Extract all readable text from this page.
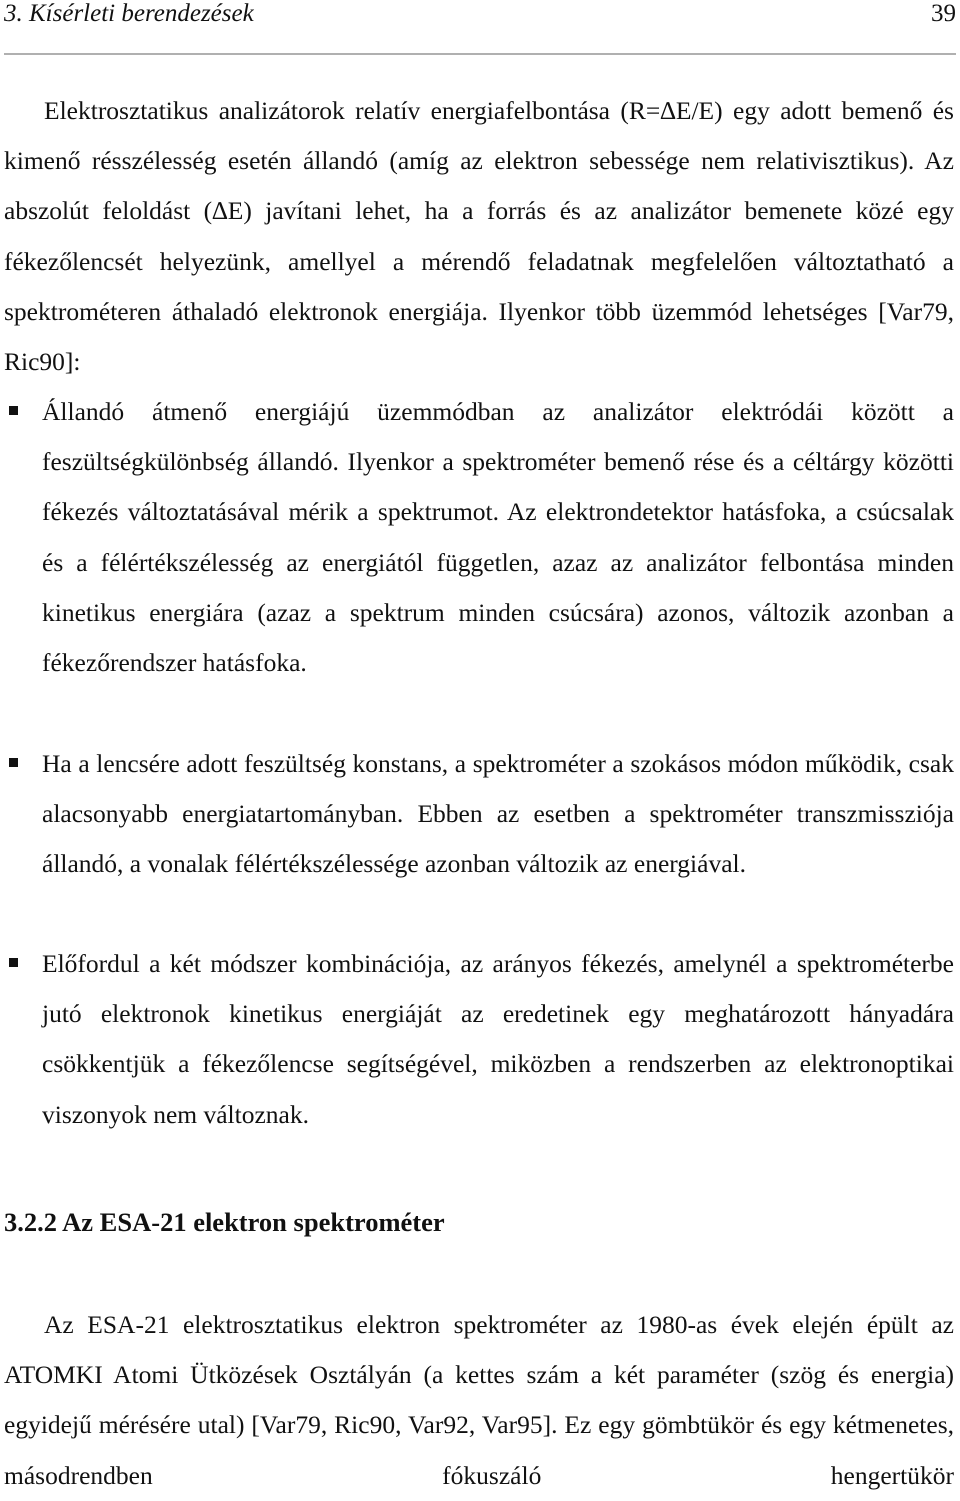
3. Kísérleti berendezések	39
Elektrosztatikus analizátorok relatív energiafelbontása (R=∆E/E) egy adott bemenő és kimenő résszélesség esetén állandó (amíg az elektron sebessége nem relativisztikus). Az abszolút feloldást (∆E) javítani lehet, ha a forrás és az analizátor bemenete közé egy fékezőlencsét helyezünk, amellyel a mérendő feladatnak megfelelően változtatható a spektrométeren áthaladó elektronok energiája. Ilyenkor több üzemmód lehetséges [Var79, Ric90]:
Állandó átmenő energiájú üzemmódban az analizátor elektródái között a feszültségkülönbség állandó. Ilyenkor a spektrométer bemenő rése és a céltárgy közötti fékezés változtatásával mérik a spektrumot. Az elektrondetektor hatásfoka, a csúcsalak és a félértékszélesség az energiától független, azaz az analizátor felbontása minden kinetikus energiára (azaz a spektrum minden csúcsára) azonos, változik azonban a fékezőrendszer hatásfoka.
Ha a lencsére adott feszültség konstans, a spektrométer a szokásos módon működik, csak alacsonyabb energiatartományban. Ebben az esetben a spektrométer transzmissziója állandó, a vonalak félértékszélessége azonban változik az energiával.
Előfordul a két módszer kombinációja, az arányos fékezés, amelynél a spektrométerbe jutó elektronok kinetikus energiáját az eredetinek egy meghatározott hányadára csökkentjük a fékezőlencse segítségével, miközben a rendszerben az elektronoptikai viszonyok nem változnak.
3.2.2 Az ESA-21 elektron spektrométer
Az ESA-21 elektrosztatikus elektron spektrométer az 1980-as évek elején épült az ATOMKI Atomi Ütközések Osztályán (a kettes szám a két paraméter (szög és energia) egyidejű mérésére utal) [Var79, Ric90, Var92, Var95]. Ez egy gömbtükör és egy kétmenetes, másodrendben fókuszáló hengertükör
